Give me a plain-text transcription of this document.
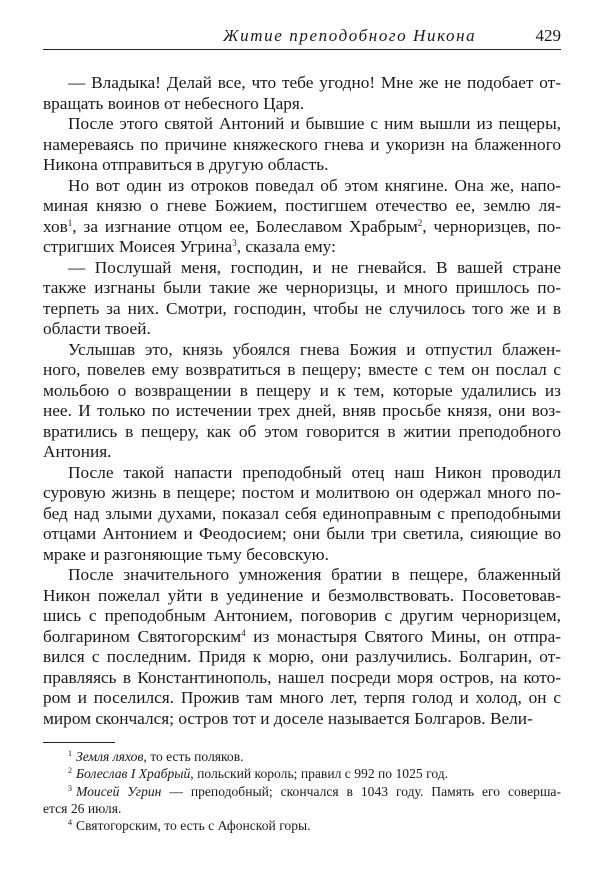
Житие преподобного Никона	429
— Владыка! Делай все, что тебе угодно! Мне же не подобает от-
вращать воинов от небесного Царя.
После этого святой Антоний и бывшие с ним вышли из пещеры,
намереваясь по причине княжеского гнева и укоризн на блаженного
Никона отправиться в другую область.
Но вот один из отроков поведал об этом княгине. Она же, напо-
миная князю о гневе Божием, постигшем отечество ее, землю ля-
хов$^1$, за изгнание отцом ее, Болеславом Храбрым$^2$, черноризцев, по-
стригших Моисея Угрина$^3$, сказала ему:
— Послушай меня, господин, и не гневайся. В вашей стране
также изгнаны были такие же черноризцы, и много пришлось по-
терпеть за них. Смотри, господин, чтобы не случилось того же и в
области твоей.
Услышав это, князь убоялся гнева Божия и отпустил блажен-
ного, повелев ему возвратиться в пещеру; вместе с тем он послал с
мольбою о возвращении в пещеру и к тем, которые удалились из
нее. И только по истечении трех дней, вняв просьбе князя, они воз-
вратились в пещеру, как об этом говорится в житии преподобного
Антония.
После такой напасти преподобный отец наш Никон проводил
суровую жизнь в пещере; постом и молитвою он одержал много по-
бед над злыми духами, показал себя единоправным с преподобными
отцами Антонием и Феодосием; они были три светила, сияющие во
мраке и разгоняющие тьму бесовскую.
После значительного умножения братии в пещере, блаженный
Никон пожелал уйти в уединение и безмолвствовать. Посоветовав-
шись с преподобным Антонием, поговорив с другим черноризцем,
болгарином Святогорским$^4$ из монастыря Святого Мины, он отпра-
вился с последним. Придя к морю, они разлучились. Болгарин, от-
правляясь в Константинополь, нашел посреди моря остров, на кото-
ром и поселился. Прожив там много лет, терпя голод и холод, он с
миром скончался; остров тот и доселе называется Болгаров. Вели-
$^1$ Земля ляхов, то есть поляков.
$^2$ Болеслав I Храбрый, польский король; правил с 992 по 1025 год.
$^3$ Моисей Угрин — преподобный; скончался в 1043 году. Память его соверша-
ется 26 июля.
$^4$ Святогорским, то есть с Афонской горы.
